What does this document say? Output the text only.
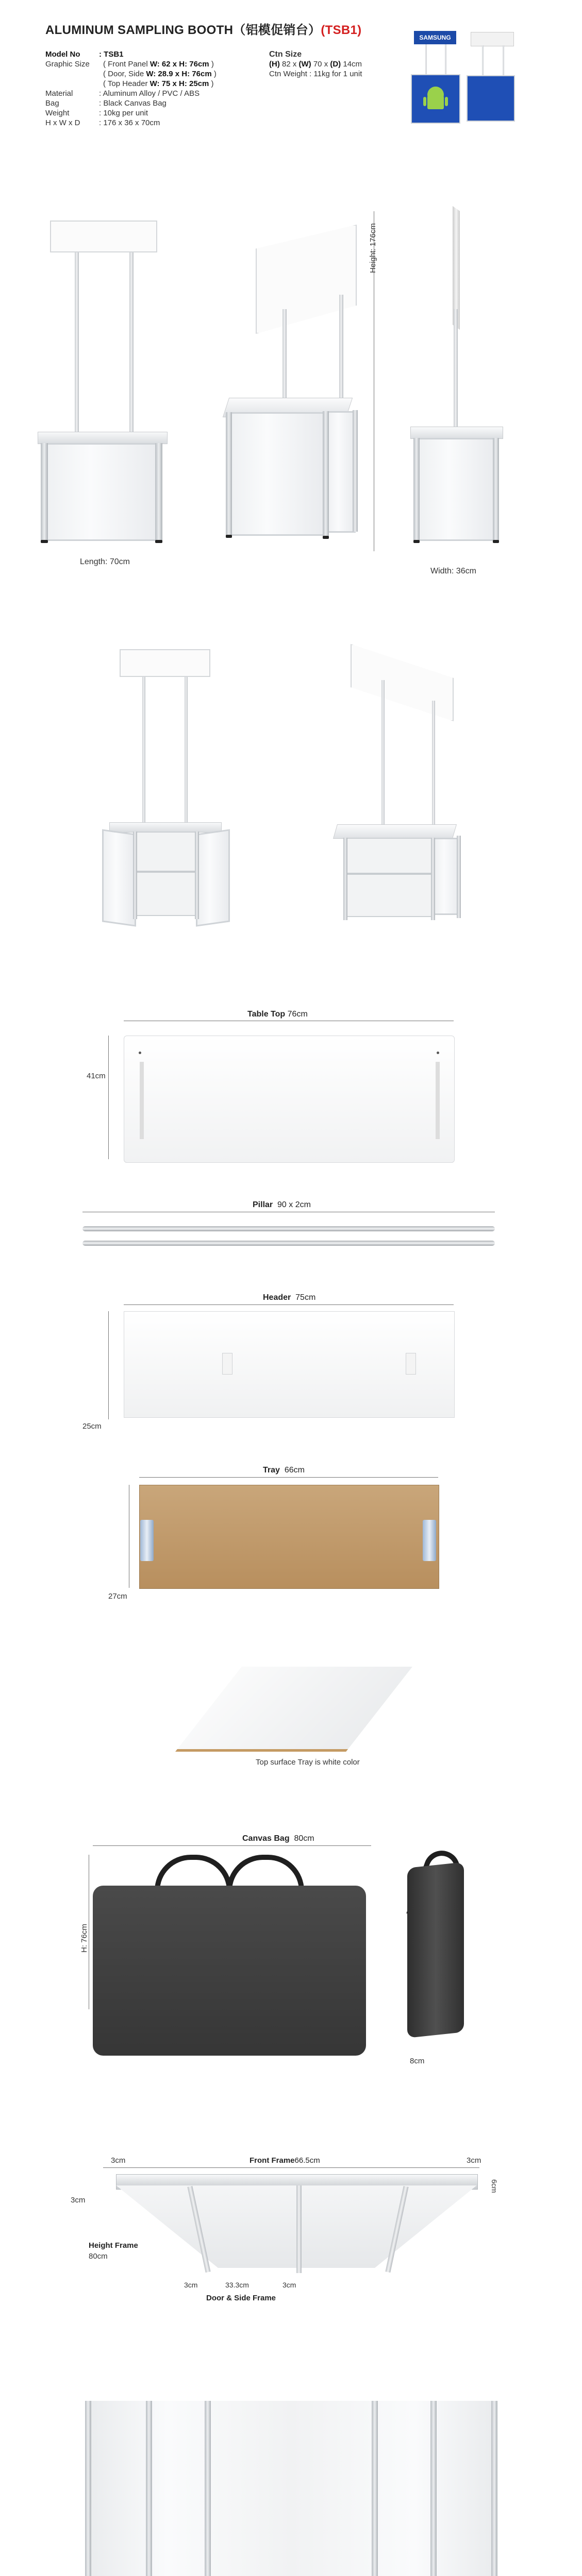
ALUMINUM SAMPLING BOOTH（铝模促销台）(TSB1)
Model No : TSB1
Graphic Size ( Front Panel W: 62 x H: 76cm )
( Door, Side W: 28.9 x H: 76cm )
( Top Header W: 75 x H: 25cm )
Material	: Aluminum Alloy / PVC / ABS
Bag	: Black Canvas Bag
Weight	: 10kg per unit
H x W x D : 176 x 36 x 70cm
Ctn Size
(H) 82 x (W) 70 x (D) 14cm
Ctn Weight : 11kg for 1 unit
SAMSUNG
Length: 70cm
Height: 176cm
Width: 36cm
Table Top 76cm
41cm
Pillar 90 x 2cm
Header 75cm
25cm
Tray 66cm
27cm
Top surface Tray is white color
Canvas Bag 80cm
H: 76cm
8cm
3cm	Front Frame66.5cm	3cm
6cm
3cm
Height Frame
80cm
3cm	33.3cm	3cm
Door & Side Frame
